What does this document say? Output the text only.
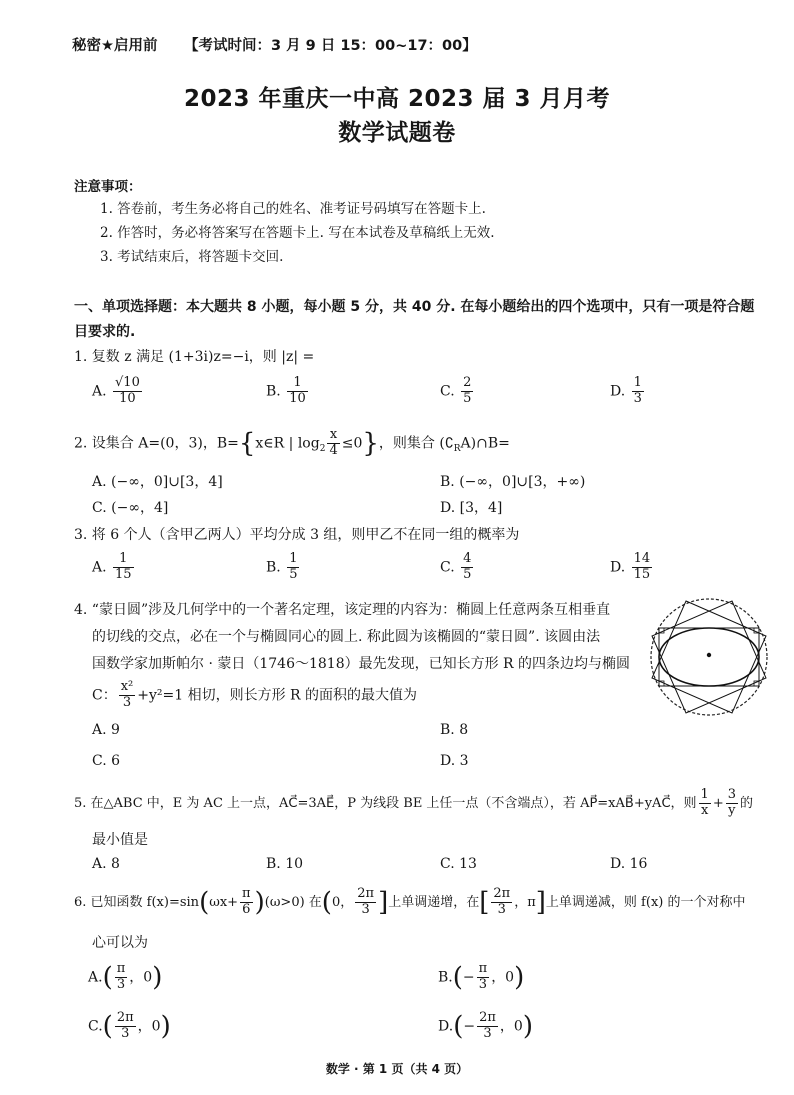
秘密★启用前 【考试时间：3 月 9 日 15：00~17：00】
2023 年重庆一中高 2023 届 3 月月考
数学试题卷
注意事项：
1. 答卷前，考生务必将自己的姓名、准考证号码填写在答题卡上.
2. 作答时，务必将答案写在答题卡上. 写在本试卷及草稿纸上无效.
3. 考试结束后，将答题卡交回.
一、单项选择题：本大题共 8 小题，每小题 5 分，共 40 分. 在每小题给出的四个选项中，只有一项是符合题
目要求的.
1. 复数 z 满足 (1+3i)z=−i，则 |z| =
A. $\frac{√10}{10}$	B. $\frac{1}{10}$	C. $\frac{2}{5}$	D. $\frac{1}{3}$
2. 设集合 A=(0，3)，B={x∈R | $\log_2 \frac{x}{4} \le 0$}，则集合 $(∁_RA)\cap B=$
A. (−∞，0]∪[3，4]	B. (−∞，0]∪[3，+∞)
C. (−∞，4]	D. [3，4]
3. 将 6 个人（含甲乙两人）平均分成 3 组，则甲乙不在同一组的概率为
A. $\frac{1}{15}$	B. $\frac{1}{5}$	C. $\frac{4}{5}$	D. $\frac{14}{15}$
4. “蒙日圆”涉及几何学中的一个著名定理，该定理的内容为：椭圆上任意两条互相垂直
的切线的交点，必在一个与椭圆同心的圆上. 称此圆为该椭圆的“蒙日圆”. 该圆由法
国数学家加斯帕尔 · 蒙日（1746～1818）最先发现，已知长方形 R 的四条边均与椭圆
C： $\frac{\text{x²}}{3} +y^2=1$ 相切，则长方形 R 的面积的最大值为
A. 9	B. 8
C. 6	D. 3
5. 在△ABC 中，E 为 AC 上一点，AC⃗=3AE⃗，P 为线段 BE 上任一点（不含端点），若 AP⃗=xAB⃗+yAC⃗，则 $\frac{1}{x} + \frac{3}{y}$ 的
最小值是
A. 8	B. 10	C. 13	D. 16
6. 已知函数 $f(x)=\sin(\omega x+ \frac{\pi}{6} )(\omega>0)$ 在(0， $\frac{2\pi}{3}$ ]上单调递增，在[ $\frac{2\pi}{3}$ ，π]上单调递减，则 f(x) 的一个对称中
心可以为
$A.( \frac{\pi}{3}$ ，0)	$B.(- \frac{\pi}{3}$ ，0)
$C.( \frac{2\pi}{3}$ ，0)	$D.(- \frac{2\pi}{3}$ ，0)
数学 · 第 1 页（共 4 页）
